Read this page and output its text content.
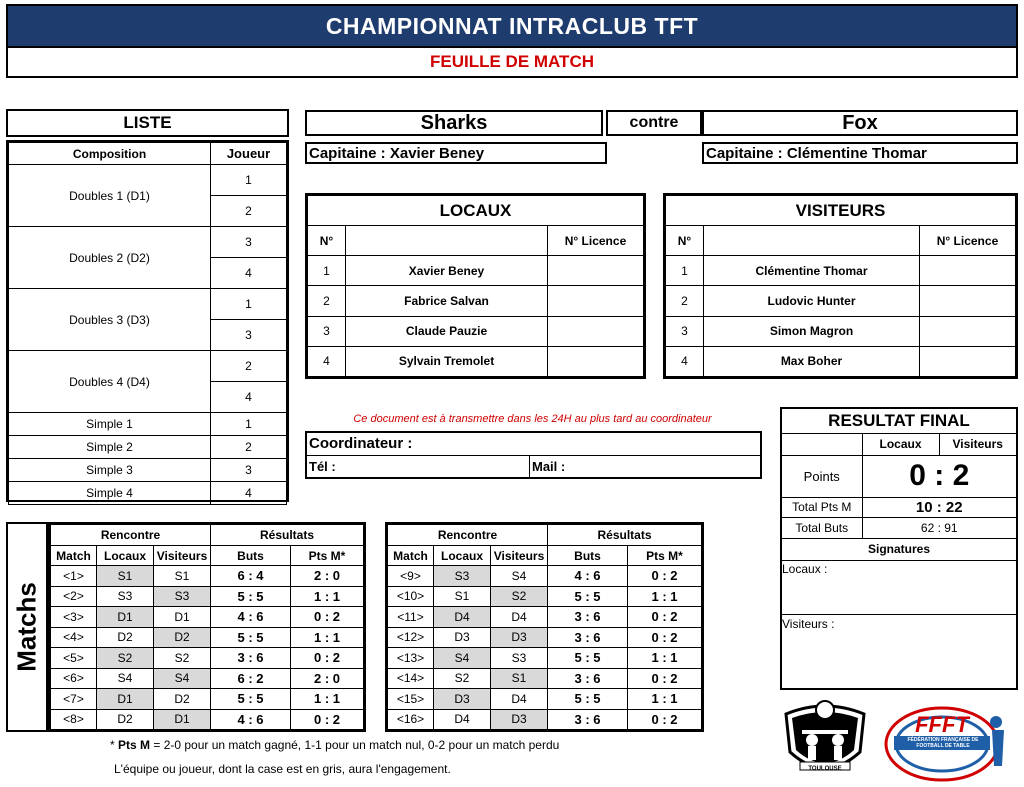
CHAMPIONNAT INTRACLUB TFT
FEUILLE DE MATCH
LISTE
Composition	Joueur
Doubles 1 (D1)	1
	2
Doubles 2 (D2)	3
	4
Doubles 3 (D3)	1
	3
Doubles 4 (D4)	2
	4
Simple 1	1
Simple 2	2
Simple 3	3
Simple 4	4
Sharks	contre	Fox
Capitaine : Xavier Beney	Capitaine : Clémentine Thomar
LOCAUX		
N°		N° Licence
1	Xavier Beney	
2	Fabrice Salvan	
3	Claude Pauzie	
4	Sylvain Tremolet	
VISITEURS		
N°		N° Licence
1	Clémentine Thomar	
2	Ludovic Hunter	
3	Simon Magron	
4	Max Boher	
Ce document est à transmettre dans les 24H au plus tard au coordinateur
Coordinateur :
Tél :	Mail :
RESULTAT FINAL		
	Locaux	Visiteurs
Points	0 : 2	
Total Pts M	10 : 22	
Total Buts	62 : 91	
Signatures		
Locaux :		

Visiteurs :		

Matchs
Rencontre			Résultats	
Match	Locaux	Visiteurs	Buts	Pts M*
<1>	S1	S1	6 : 4	2 : 0
<2>	S3	S3	5 : 5	1 : 1
<3>	D1	D1	4 : 6	0 : 2
<4>	D2	D2	5 : 5	1 : 1
<5>	S2	S2	3 : 6	0 : 2
<6>	S4	S4	6 : 2	2 : 0
<7>	D1	D2	5 : 5	1 : 1
<8>	D2	D1	4 : 6	0 : 2
Rencontre			Résultats	
Match	Locaux	Visiteurs	Buts	Pts M*
<9>	S3	S4	4 : 6	0 : 2
<10>	S1	S2	5 : 5	1 : 1
<11>	D4	D4	3 : 6	0 : 2
<12>	D3	D3	3 : 6	0 : 2
<13>	S4	S3	5 : 5	1 : 1
<14>	S2	S1	3 : 6	0 : 2
<15>	D3	D4	5 : 5	1 : 1
<16>	D4	D3	3 : 6	0 : 2
* Pts M = 2-0 pour un match gagné, 1-1 pour un match nul, 0-2 pour un match perdu
L'équipe ou joueur, dont la case est en gris, aura l'engagement.	TOULOUSE
FFFT
FÉDÉRATION FRANÇAISE DE FOOTBALL DE TABLE
